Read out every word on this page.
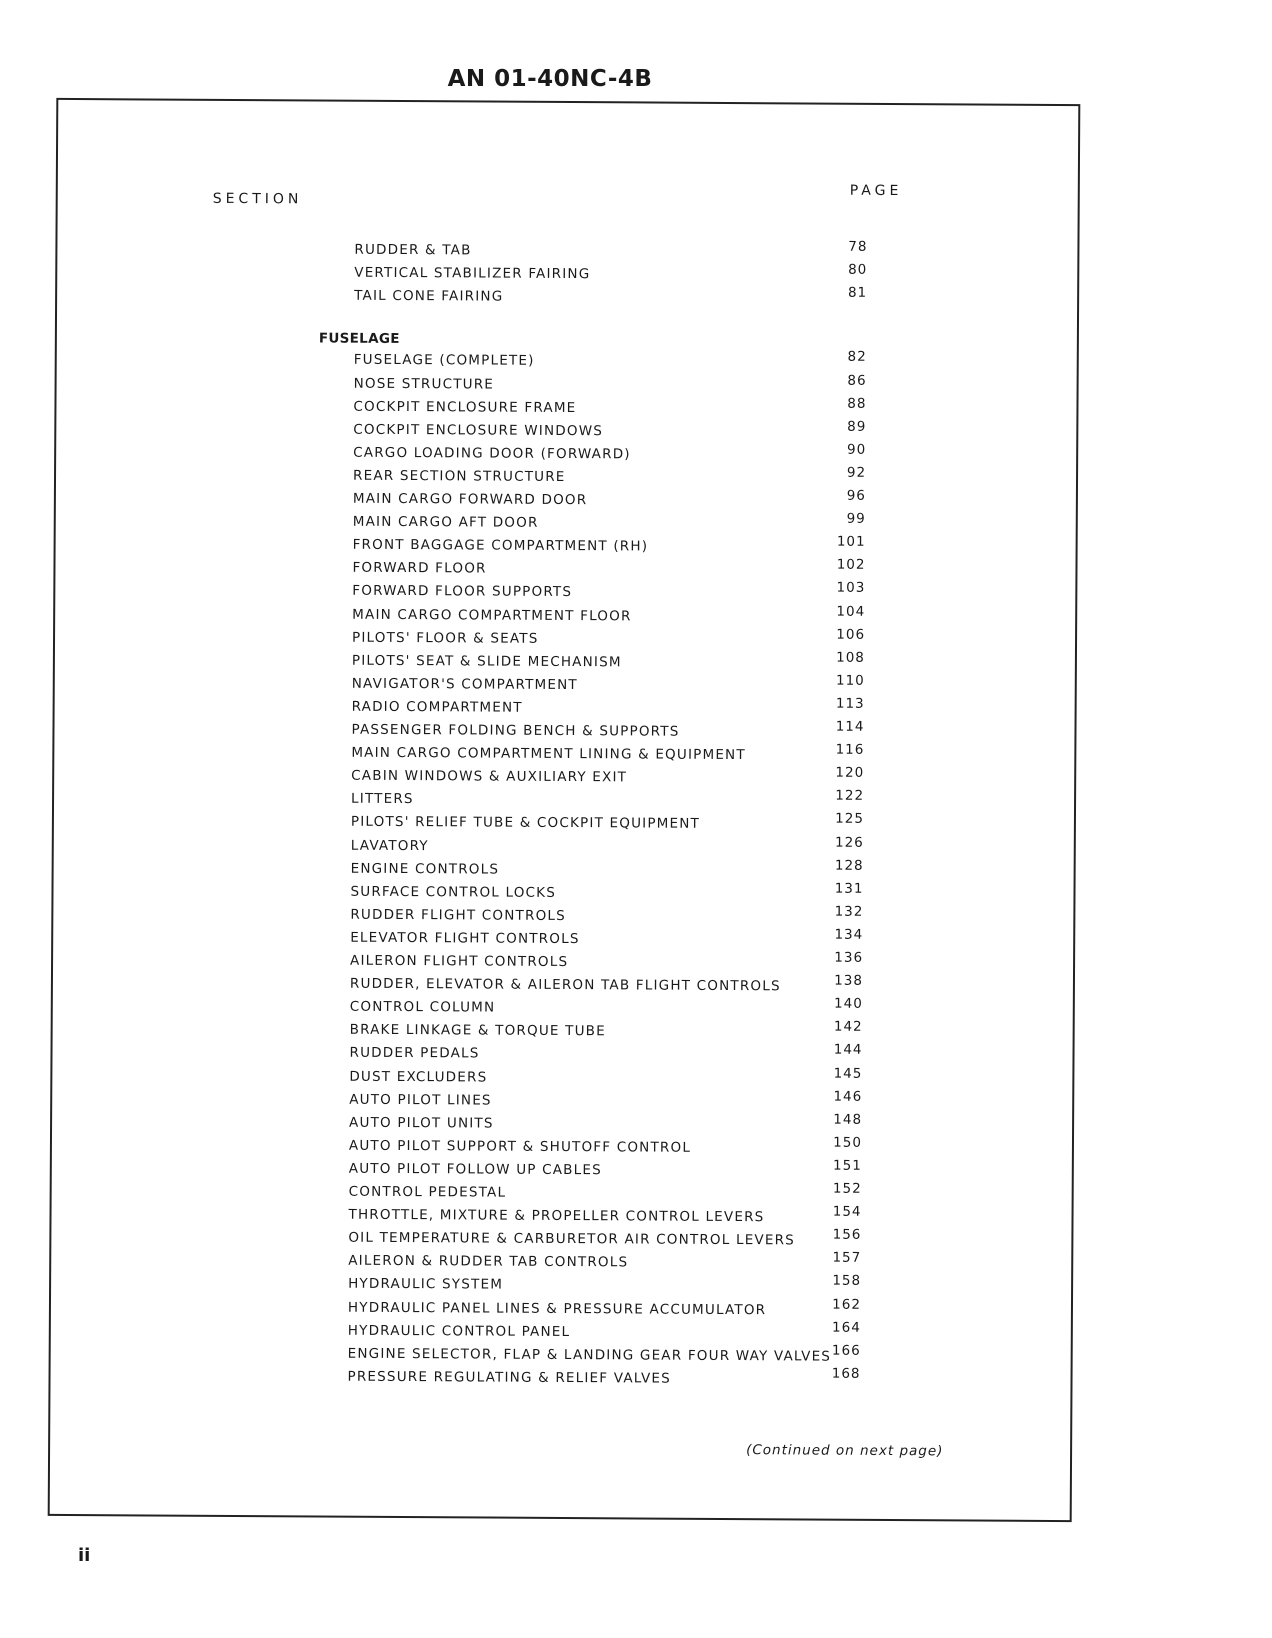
AN 01-40NC-4B
SECTION	PAGE
RUDDER & TAB	78
VERTICAL STABILIZER FAIRING	80
TAIL CONE FAIRING	81
FUSELAGE
FUSELAGE (COMPLETE)	82
NOSE STRUCTURE	86
COCKPIT ENCLOSURE FRAME	88
COCKPIT ENCLOSURE WINDOWS	89
CARGO LOADING DOOR (FORWARD)	90
REAR SECTION STRUCTURE	92
MAIN CARGO FORWARD DOOR	96
MAIN CARGO AFT DOOR	99
FRONT BAGGAGE COMPARTMENT (RH)	101
FORWARD FLOOR	102
FORWARD FLOOR SUPPORTS	103
MAIN CARGO COMPARTMENT FLOOR	104
PILOTS' FLOOR & SEATS	106
PILOTS' SEAT & SLIDE MECHANISM	108
NAVIGATOR'S COMPARTMENT	110
RADIO COMPARTMENT	113
PASSENGER FOLDING BENCH & SUPPORTS	114
MAIN CARGO COMPARTMENT LINING & EQUIPMENT	116
CABIN WINDOWS & AUXILIARY EXIT	120
LITTERS	122
PILOTS' RELIEF TUBE & COCKPIT EQUIPMENT	125
LAVATORY	126
ENGINE CONTROLS	128
SURFACE CONTROL LOCKS	131
RUDDER FLIGHT CONTROLS	132
ELEVATOR FLIGHT CONTROLS	134
AILERON FLIGHT CONTROLS	136
RUDDER, ELEVATOR & AILERON TAB FLIGHT CONTROLS	138
CONTROL COLUMN	140
BRAKE LINKAGE & TORQUE TUBE	142
RUDDER PEDALS	144
DUST EXCLUDERS	145
AUTO PILOT LINES	146
AUTO PILOT UNITS	148
AUTO PILOT SUPPORT & SHUTOFF CONTROL	150
AUTO PILOT FOLLOW UP CABLES	151
CONTROL PEDESTAL	152
THROTTLE, MIXTURE & PROPELLER CONTROL LEVERS	154
OIL TEMPERATURE & CARBURETOR AIR CONTROL LEVERS	156
AILERON & RUDDER TAB CONTROLS	157
HYDRAULIC SYSTEM	158
HYDRAULIC PANEL LINES & PRESSURE ACCUMULATOR	162
HYDRAULIC CONTROL PANEL	164
ENGINE SELECTOR, FLAP & LANDING GEAR FOUR WAY VALVES 166
PRESSURE REGULATING & RELIEF VALVES	168
(Continued on next page)
ii
